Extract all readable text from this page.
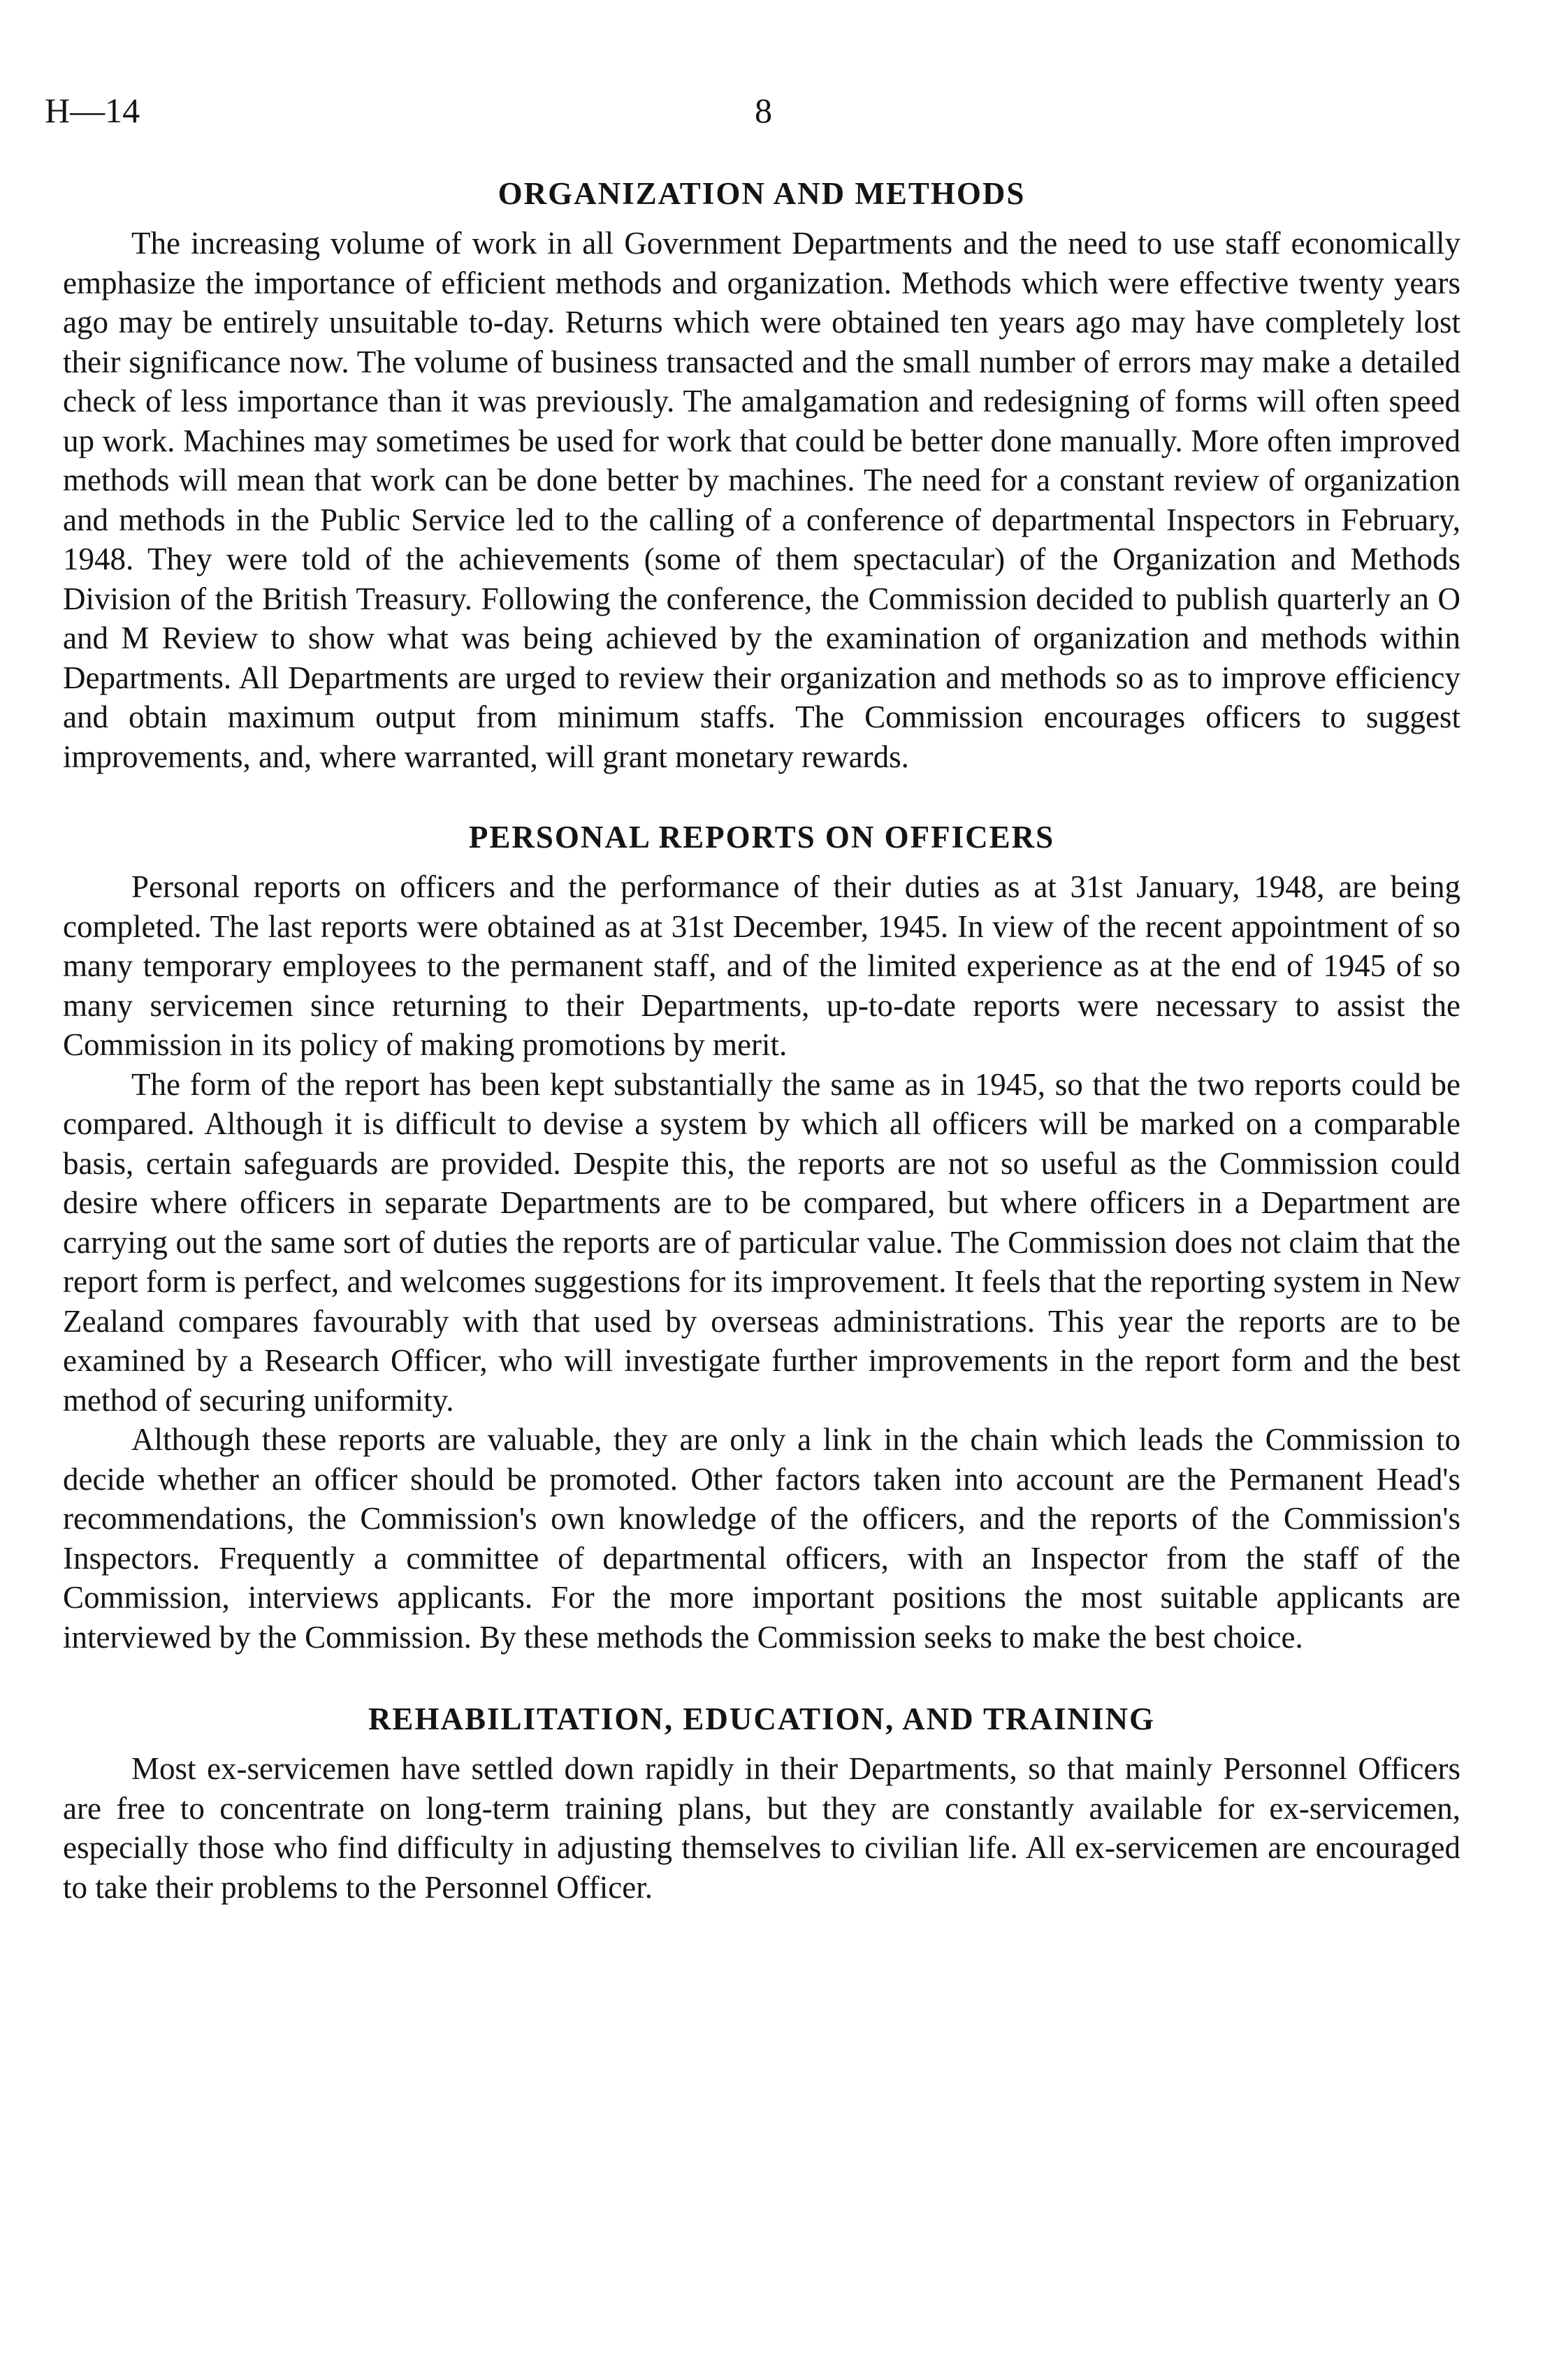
H—14	8
ORGANIZATION AND METHODS

The increasing volume of work in all Government Departments and the need to use staff economically emphasize the importance of efficient methods and organization. Methods which were effective twenty years ago may be entirely unsuitable to-day. Returns which were obtained ten years ago may have completely lost their significance now. The volume of business transacted and the small number of errors may make a detailed check of less importance than it was previously. The amalgamation and redesigning of forms will often speed up work. Machines may sometimes be used for work that could be better done manually. More often improved methods will mean that work can be done better by machines. The need for a constant review of organization and methods in the Public Service led to the calling of a conference of departmental Inspectors in February, 1948. They were told of the achievements (some of them spectacular) of the Organization and Methods Division of the British Treasury. Following the conference, the Commission decided to publish quarterly an O and M Review to show what was being achieved by the examination of organization and methods within Departments. All Departments are urged to review their organization and methods so as to improve efficiency and obtain maximum output from minimum staffs. The Commission encourages officers to suggest improvements, and, where warranted, will grant monetary rewards.

PERSONAL REPORTS ON OFFICERS

Personal reports on officers and the performance of their duties as at 31st January, 1948, are being completed. The last reports were obtained as at 31st December, 1945. In view of the recent appointment of so many temporary employees to the permanent staff, and of the limited experience as at the end of 1945 of so many servicemen since returning to their Departments, up-to-date reports were necessary to assist the Commission in its policy of making promotions by merit.

The form of the report has been kept substantially the same as in 1945, so that the two reports could be compared. Although it is difficult to devise a system by which all officers will be marked on a comparable basis, certain safeguards are provided. Despite this, the reports are not so useful as the Commission could desire where officers in separate Departments are to be compared, but where officers in a Department are carrying out the same sort of duties the reports are of particular value. The Commission does not claim that the report form is perfect, and welcomes suggestions for its improvement. It feels that the reporting system in New Zealand compares favourably with that used by overseas administrations. This year the reports are to be examined by a Research Officer, who will investigate further improvements in the report form and the best method of securing uniformity.

Although these reports are valuable, they are only a link in the chain which leads the Commission to decide whether an officer should be promoted. Other factors taken into account are the Permanent Head's recommendations, the Commission's own knowledge of the officers, and the reports of the Commission's Inspectors. Frequently a committee of departmental officers, with an Inspector from the staff of the Commission, interviews applicants. For the more important positions the most suitable applicants are interviewed by the Commission. By these methods the Commission seeks to make the best choice.

REHABILITATION, EDUCATION, AND TRAINING

Most ex-servicemen have settled down rapidly in their Departments, so that mainly Personnel Officers are free to concentrate on long-term training plans, but they are constantly available for ex-servicemen, especially those who find difficulty in adjusting themselves to civilian life. All ex-servicemen are encouraged to take their problems to the Personnel Officer.
